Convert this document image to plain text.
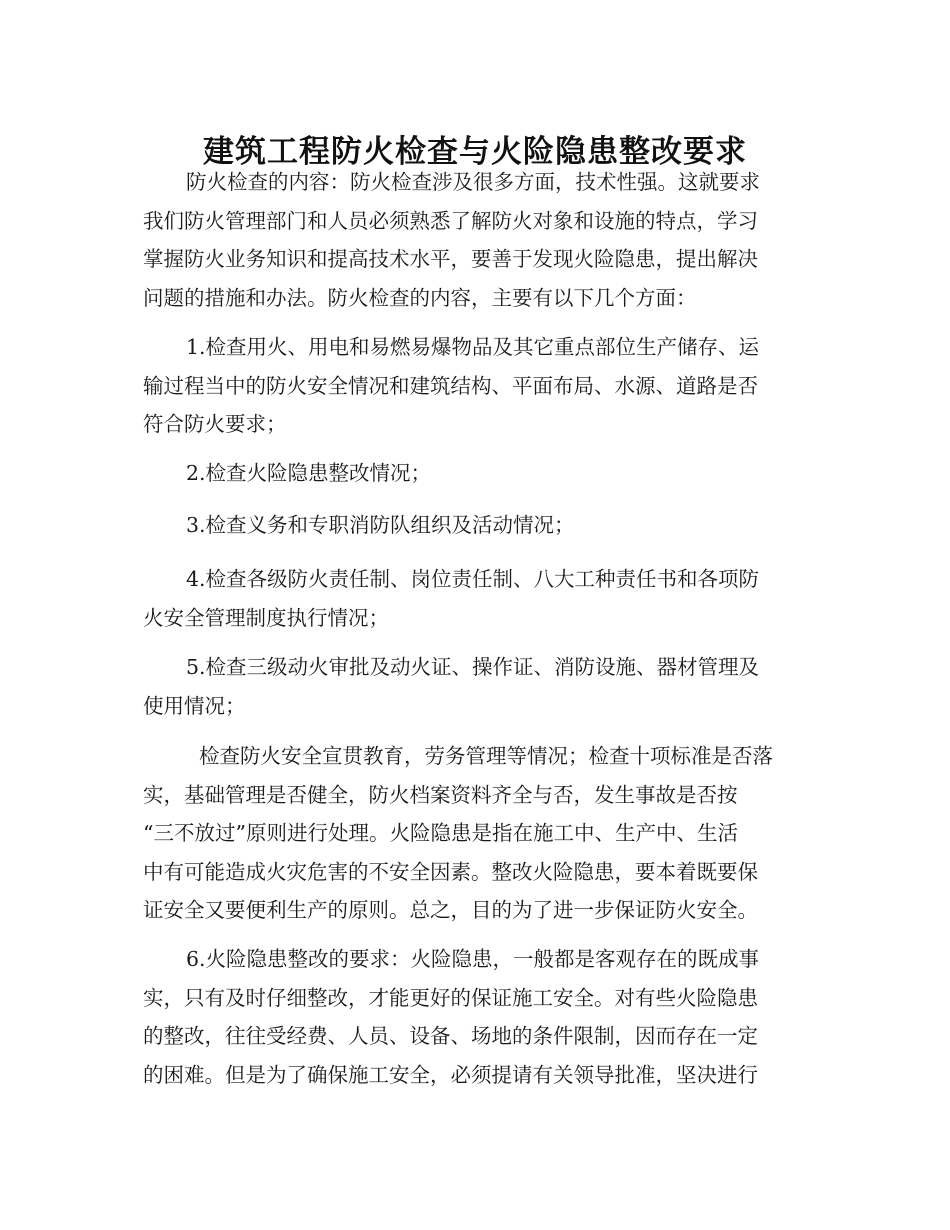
建筑工程防火检查与火险隐患整改要求

防火检查的内容：防火检查涉及很多方面，技术性强。这就要求
我们防火管理部门和人员必须熟悉了解防火对象和设施的特点，学习
掌握防火业务知识和提高技术水平，要善于发现火险隐患，提出解决
问题的措施和办法。防火检查的内容，主要有以下几个方面：

1.检查用火、用电和易燃易爆物品及其它重点部位生产储存、运
输过程当中的防火安全情况和建筑结构、平面布局、水源、道路是否
符合防火要求；

2.检查火险隐患整改情况；

3.检查义务和专职消防队组织及活动情况；

4.检查各级防火责任制、岗位责任制、八大工种责任书和各项防
火安全管理制度执行情况；

5.检查三级动火审批及动火证、操作证、消防设施、器材管理及
使用情况；

检查防火安全宣贯教育，劳务管理等情况；检查十项标准是否落
实，基础管理是否健全，防火档案资料齐全与否，发生事故是否按
“三不放过”原则进行处理。火险隐患是指在施工中、生产中、生活
中有可能造成火灾危害的不安全因素。整改火险隐患，要本着既要保
证安全又要便利生产的原则。总之，目的为了进一步保证防火安全。

6.火险隐患整改的要求：火险隐患，一般都是客观存在的既成事
实，只有及时仔细整改，才能更好的保证施工安全。对有些火险隐患
的整改，往往受经费、人员、设备、场地的条件限制，因而存在一定
的困难。但是为了确保施工安全，必须提请有关领导批准，坚决进行
